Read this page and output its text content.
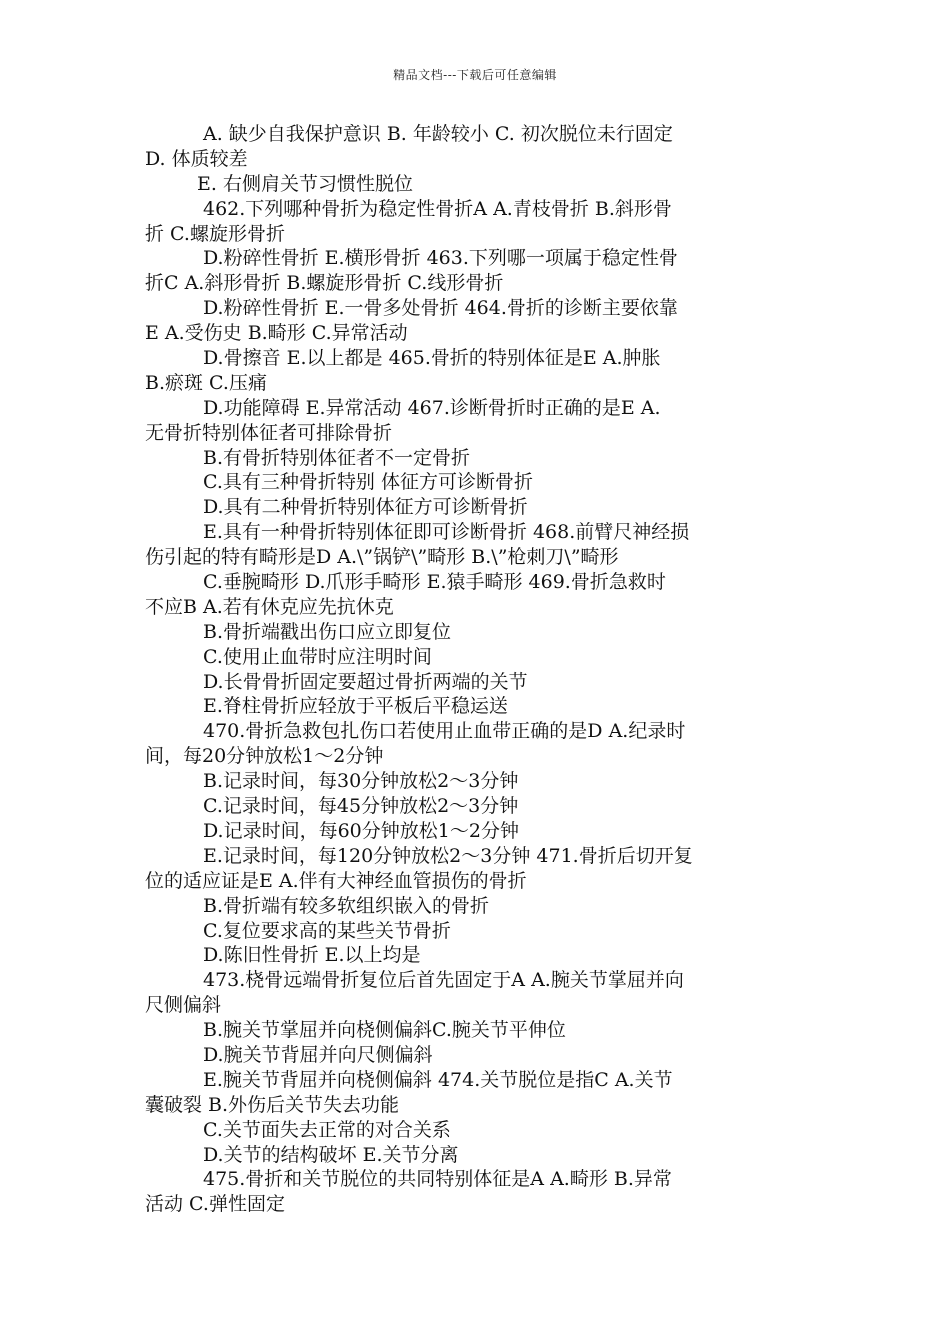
精品文档---下载后可任意编辑
A. 缺少自我保护意识 B. 年龄较小 C. 初次脱位未行固定
D. 体质较差
E. 右侧肩关节习惯性脱位
462.下列哪种骨折为稳定性骨折A A.青枝骨折 B.斜形骨
折 C.螺旋形骨折
D.粉碎性骨折 E.横形骨折 463.下列哪一项属于稳定性骨
折C A.斜形骨折 B.螺旋形骨折 C.线形骨折
D.粉碎性骨折 E.一骨多处骨折 464.骨折的诊断主要依靠
E A.受伤史 B.畸形 C.异常活动
D.骨擦音 E.以上都是 465.骨折的特别体征是E A.肿胀
B.瘀斑 C.压痛
D.功能障碍 E.异常活动 467.诊断骨折时正确的是E A.
无骨折特别体征者可排除骨折
B.有骨折特别体征者不一定骨折
C.具有三种骨折特别 体征方可诊断骨折
D.具有二种骨折特别体征方可诊断骨折
E.具有一种骨折特别体征即可诊断骨折 468.前臂尺神经损
伤引起的特有畸形是D A.\”锅铲\”畸形 B.\”枪刺刀\”畸形
C.垂腕畸形 D.爪形手畸形 E.猿手畸形 469.骨折急救时
不应B A.若有休克应先抗休克
B.骨折端戳出伤口应立即复位
C.使用止血带时应注明时间
D.长骨骨折固定要超过骨折两端的关节
E.脊柱骨折应轻放于平板后平稳运送
470.骨折急救包扎伤口若使用止血带正确的是D A.纪录时
间，每20分钟放松1～2分钟
B.记录时间，每30分钟放松2～3分钟
C.记录时间，每45分钟放松2～3分钟
D.记录时间，每60分钟放松1～2分钟
E.记录时间，每120分钟放松2～3分钟 471.骨折后切开复
位的适应证是E A.伴有大神经血管损伤的骨折
B.骨折端有较多软组织嵌入的骨折
C.复位要求高的某些关节骨折
D.陈旧性骨折 E.以上均是
473.桡骨远端骨折复位后首先固定于A A.腕关节掌屈并向
尺侧偏斜
B.腕关节掌屈并向桡侧偏斜C.腕关节平伸位
D.腕关节背屈并向尺侧偏斜
E.腕关节背屈并向桡侧偏斜 474.关节脱位是指C A.关节
囊破裂 B.外伤后关节失去功能
C.关节面失去正常的对合关系
D.关节的结构破坏 E.关节分离
475.骨折和关节脱位的共同特别体征是A A.畸形 B.异常
活动 C.弹性固定
